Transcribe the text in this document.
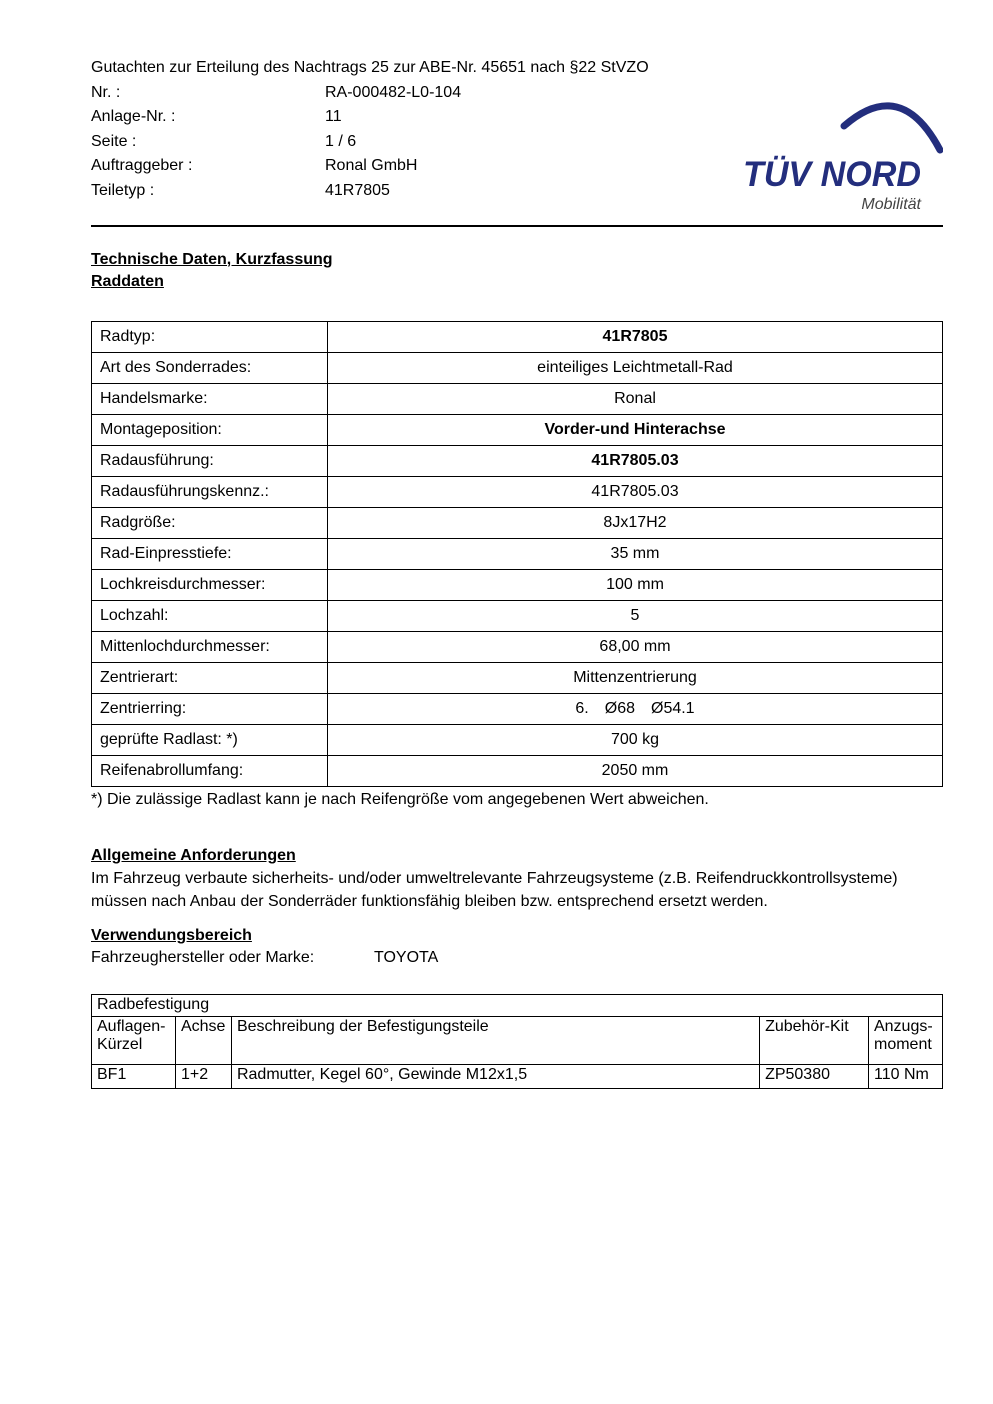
Gutachten zur Erteilung des Nachtrags 25 zur ABE-Nr. 45651 nach §22 StVZO
Nr. :	RA-000482-L0-104
Anlage-Nr. :	11
Seite :	1 / 6
Auftraggeber :	Ronal GmbH
Teiletyp :	41R7805	TÜV NORD
Mobilität
Technische Daten, Kurzfassung
Raddaten
Radtyp:	41R7805
Art des Sonderrades:	einteiliges Leichtmetall-Rad
Handelsmarke:	Ronal
Montageposition:	Vorder-und Hinterachse
Radausführung:	41R7805.03
Radausführungskennz.:	41R7805.03
Radgröße:	8Jx17H2
Rad-Einpresstiefe:	35 mm
Lochkreisdurchmesser:	100 mm
Lochzahl:	5
Mittenlochdurchmesser:	68,00 mm
Zentrierart:	Mittenzentrierung
Zentrierring:	6. Ø68 Ø54.1
geprüfte Radlast: *)	700 kg
Reifenabrollumfang:	2050 mm
*) Die zulässige Radlast kann je nach Reifengröße vom angegebenen Wert abweichen.
Allgemeine Anforderungen
Im Fahrzeug verbaute sicherheits- und/oder umweltrelevante Fahrzeugsysteme (z.B. Reifendruckkontrollsysteme) müssen nach Anbau der Sonderräder funktionsfähig bleiben bzw. entsprechend ersetzt werden.
Verwendungsbereich
Fahrzeughersteller oder Marke:	TOYOTA
Radbefestigung				
Auflagen-Kürzel	Achse	Beschreibung der Befestigungsteile	Zubehör-Kit	Anzugs-moment
BF1	1+2	Radmutter, Kegel 60°, Gewinde M12x1,5	ZP50380	110 Nm
